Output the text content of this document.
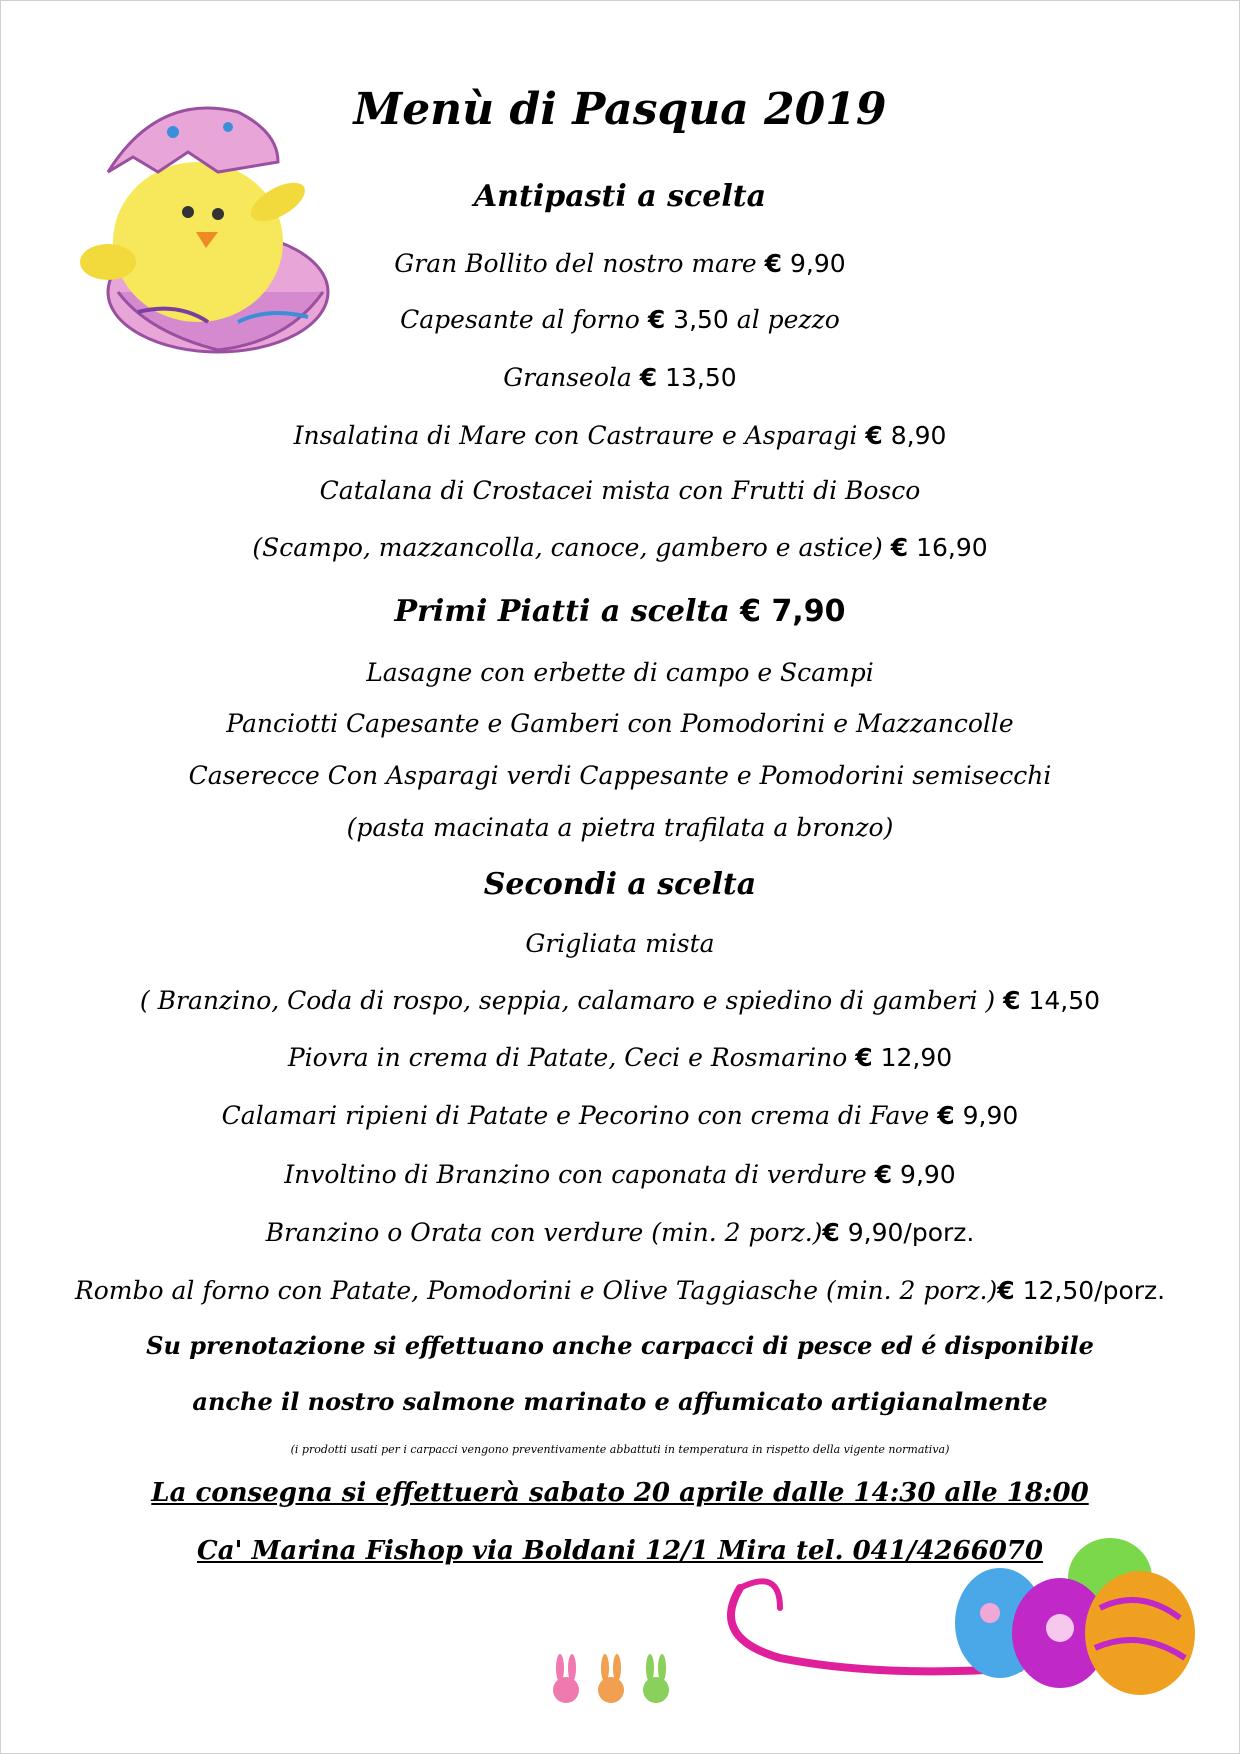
Menù di Pasqua 2019
Antipasti a scelta
Gran Bollito del nostro mare € 9,90
Capesante al forno € 3,50 al pezzo
Granseola € 13,50
Insalatina di Mare con Castraure e Asparagi € 8,90
Catalana di Crostacei mista con Frutti di Bosco
(Scampo, mazzancolla, canoce, gambero e astice) € 16,90
Primi Piatti a scelta € 7,90
Lasagne con erbette di campo e Scampi
Panciotti Capesante e Gamberi con Pomodorini e Mazzancolle
Caserecce Con Asparagi verdi Cappesante e Pomodorini semisecchi
(pasta macinata a pietra trafilata a bronzo)
Secondi a scelta
Grigliata mista
( Branzino, Coda di rospo, seppia, calamaro e spiedino di gamberi ) € 14,50
Piovra in crema di Patate, Ceci e Rosmarino € 12,90
Calamari ripieni di Patate e Pecorino con crema di Fave € 9,90
Involtino di Branzino con caponata di verdure € 9,90
Branzino o Orata con verdure (min. 2 porz.)€ 9,90/porz.
Rombo al forno con Patate, Pomodorini e Olive Taggiasche (min. 2 porz.)€ 12,50/porz.
Su prenotazione si effettuano anche carpacci di pesce ed é disponibile
anche il nostro salmone marinato e affumicato artigianalmente
(i prodotti usati per i carpacci vengono preventivamente abbattuti in temperatura in rispetto della vigente normativa)
La consegna si effettuerà sabato 20 aprile dalle 14:30 alle 18:00
Ca' Marina Fishop via Boldani 12/1 Mira tel. 041/4266070
